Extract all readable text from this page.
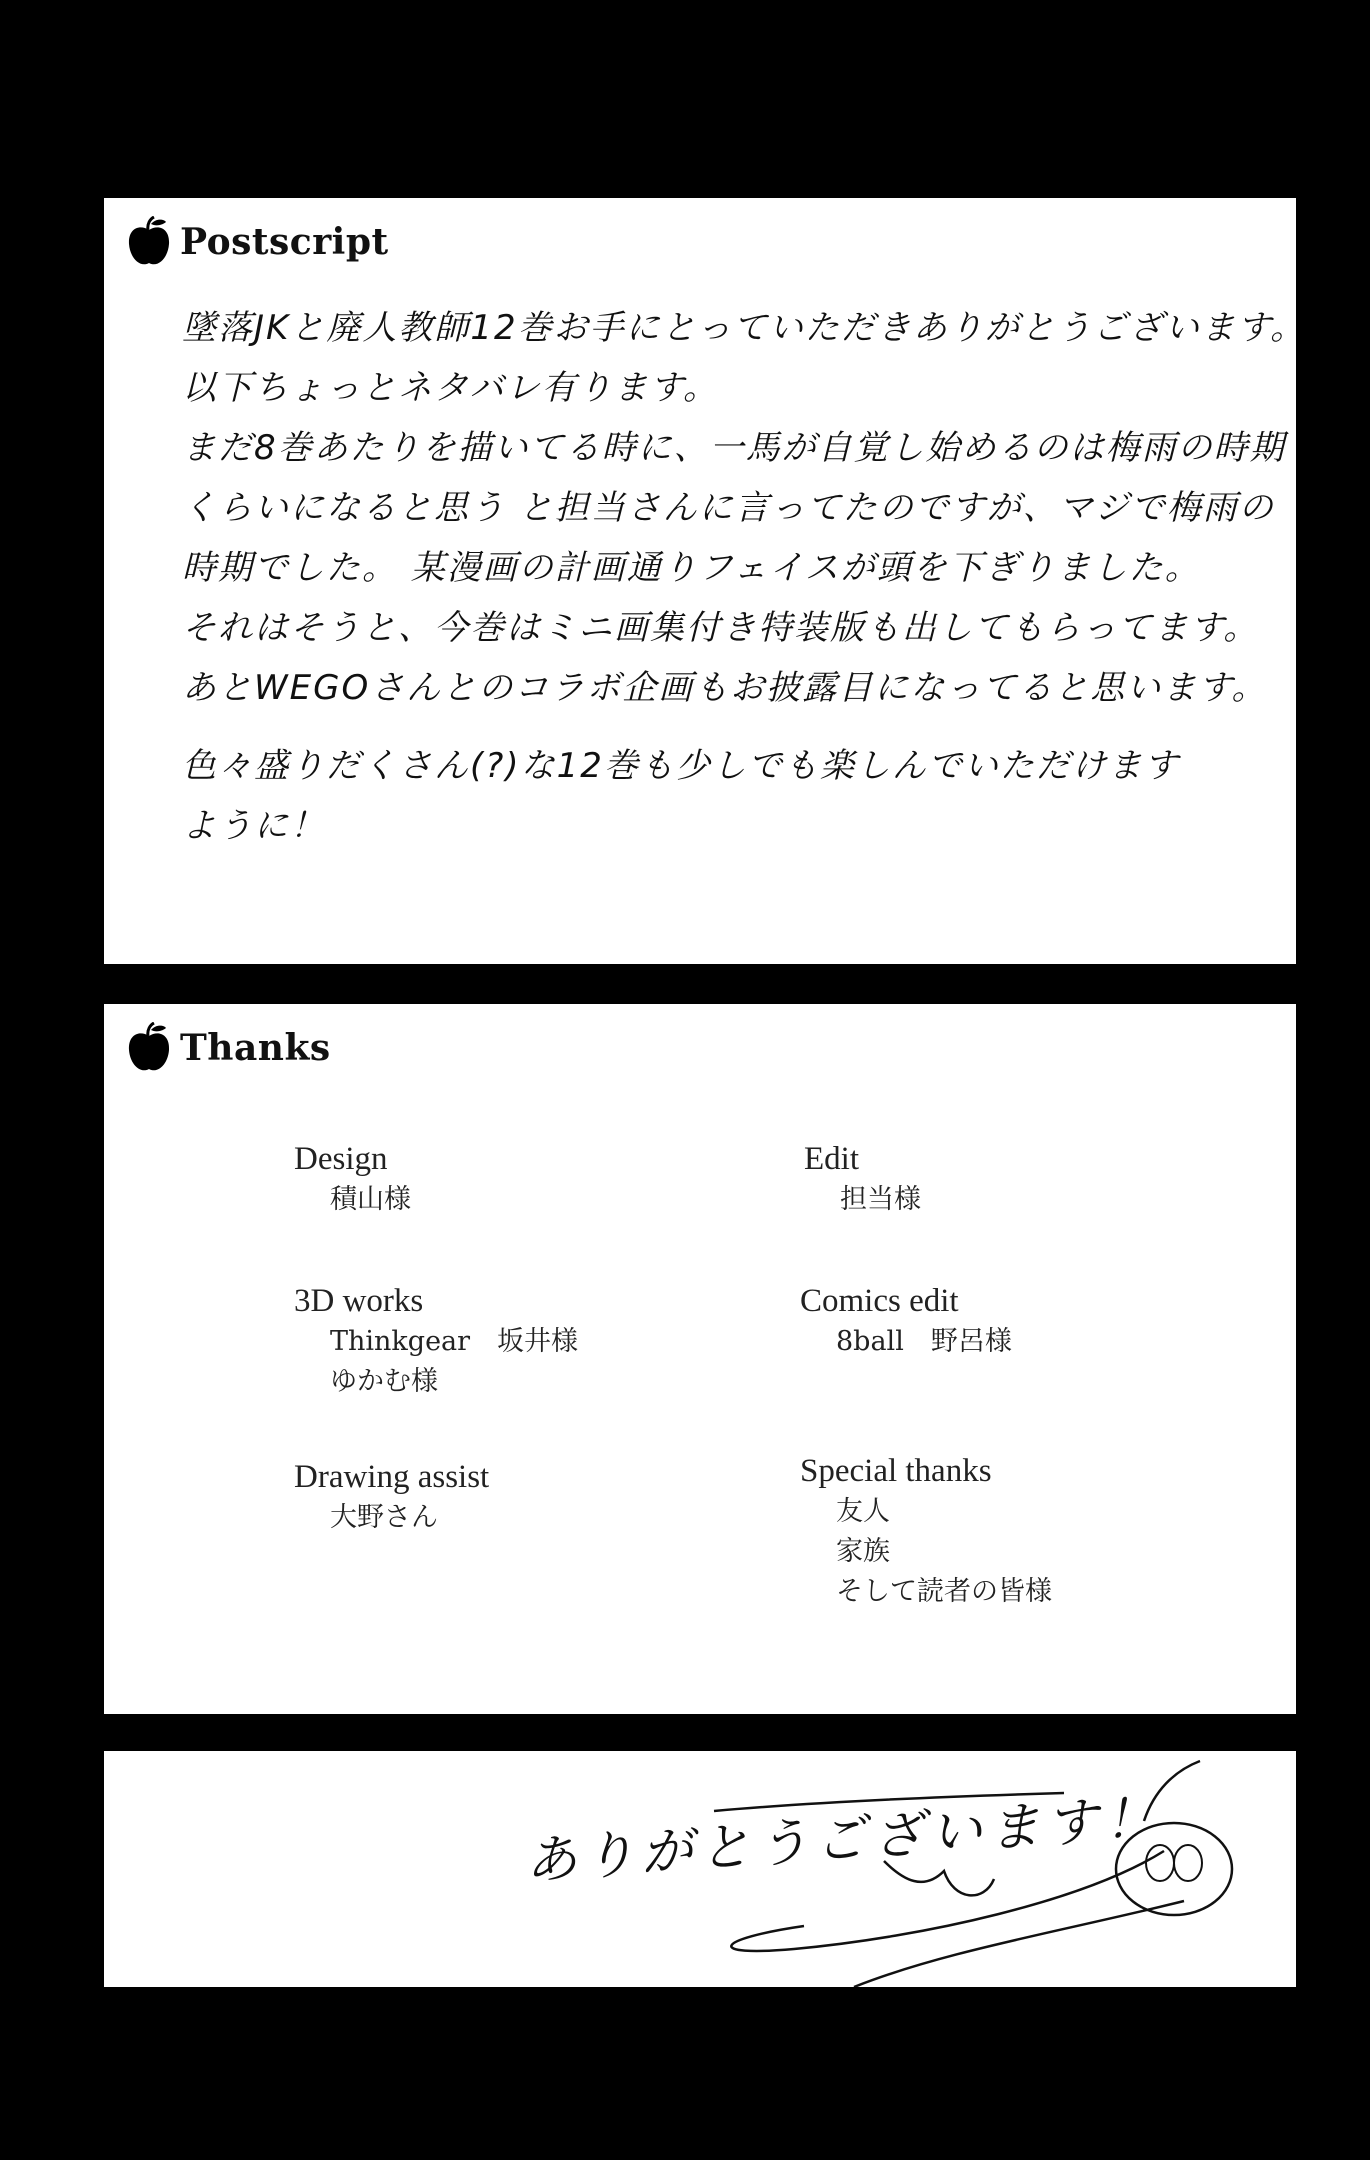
Postscript
墜落JKと廃人教師12巻お手にとっていただきありがとうございます。
以下ちょっとネタバレ有ります。
まだ8巻あたりを描いてる時に、一馬が自覚し始めるのは梅雨の時期
くらいになると思う と担当さんに言ってたのですが、マジで梅雨の
時期でした。 某漫画の計画通りフェイスが頭を下ぎりました。
それはそうと、今巻はミニ画集付き特装版も出してもらってます。
あとWEGOさんとのコラボ企画もお披露目になってると思います。
色々盛りだくさん(?)な12巻も少しでも楽しんでいただけます
ように！
Thanks
Design
積山様
3D works
Thinkgear　坂井様
ゆかむ様
Drawing assist
大野さん
Edit
担当様
Comics edit
8ball　野呂様
Special thanks
友人
家族
そして読者の皆様
ありがとうございます！
